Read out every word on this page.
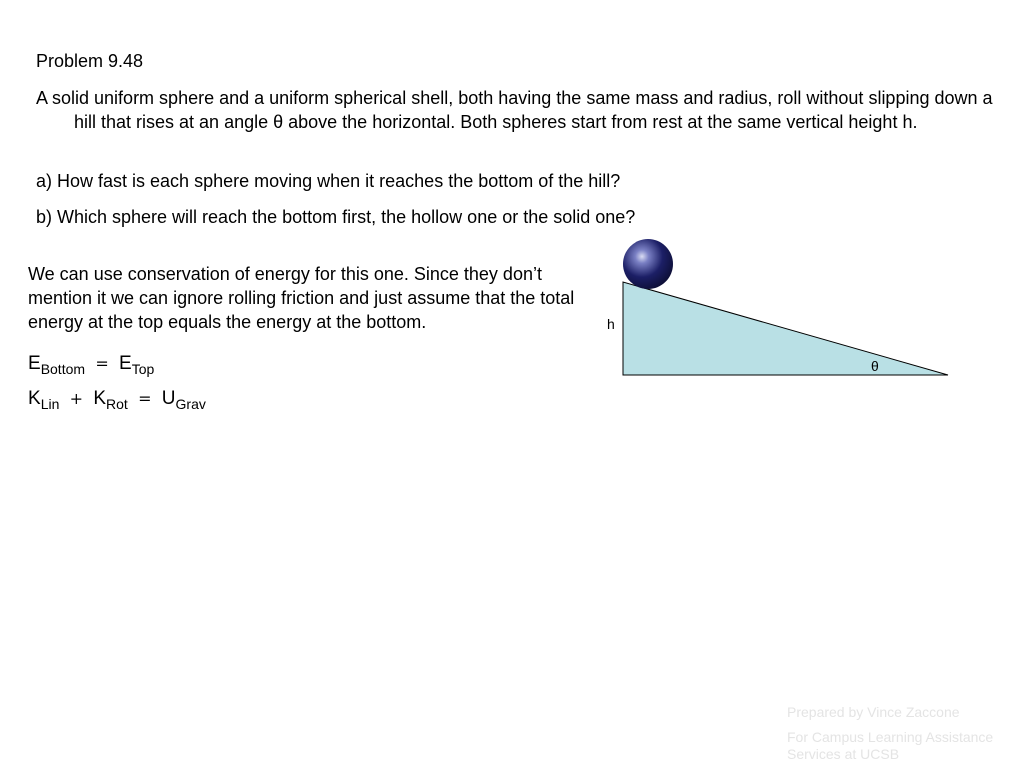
Problem 9.48

A solid uniform sphere and a uniform spherical shell, both having the same mass and radius, roll without slipping down a hill that rises at an angle θ above the horizontal. Both spheres start from rest at the same vertical height h.

a) How fast is each sphere moving when it reaches the bottom of the hill?

b) Which sphere will reach the bottom first, the hollow one or the solid one?

We can use conservation of energy for this one. Since they don’t mention it we can ignore rolling friction and just assume that the total energy at the top equals the energy at the bottom.

$E_{Bottom} = E_{Top}$
$K_{Lin} + K_{Rot} = U_{Grav}$
h
θ

Prepared by Vince Zaccone

For Campus Learning Assistance Services at UCSB
